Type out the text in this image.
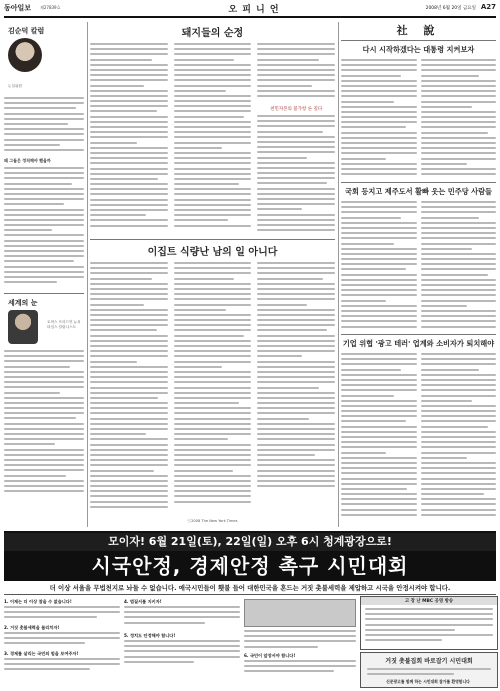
동아일보 제27839호	오 피 니 언	2008년 6월 20일 금요일 A27
김순덕 칼럼
논설위원
왜 그들은 정직해야 했을까
세계의 눈
토머스 프리드먼 뉴욕타임스 칼럼니스트
돼지들의 순정
천민자본의 불가항 른 깊다
이집트 식량난 남의 일 아니다
ⓒ2008 The New York Times
社 說
다시 시작하겠다는 대통령 지켜보자
국회 등지고 제주도서 활빠 웃는 민주당 사람들
기업 위협 '광고 테러' 업계와 소비자가 퇴치해야
모이자! 6월 21일(토), 22일(일) 오후 6시 청계광장으로!
시국안정, 경제안정 촉구 시민대회
더 이상 서울을 무법천지로 놔둘 수 없습니다. 애국시민들이 횃불 들어 대한민국을 혼드는 거짓 촛불세력을 제압하고 시국을 안정시켜야 합니다.
1. 이제는 더 이상 참을 수 없습니다!
2. 거짓 촛불세력을 물리치자!
3. 경제를 살리는 국민의 힘을 보여주자!
4. 법질서를 지키자!
5. 정치도 안정해야 합니다!
6. 국민이 앞장서야 합니다!
고 장 난 MBC 공영 방송
거짓 촛불집회 바로잡기 시민대회
신문광고를 함께 하는 시민대회 참가를 환영합니다
